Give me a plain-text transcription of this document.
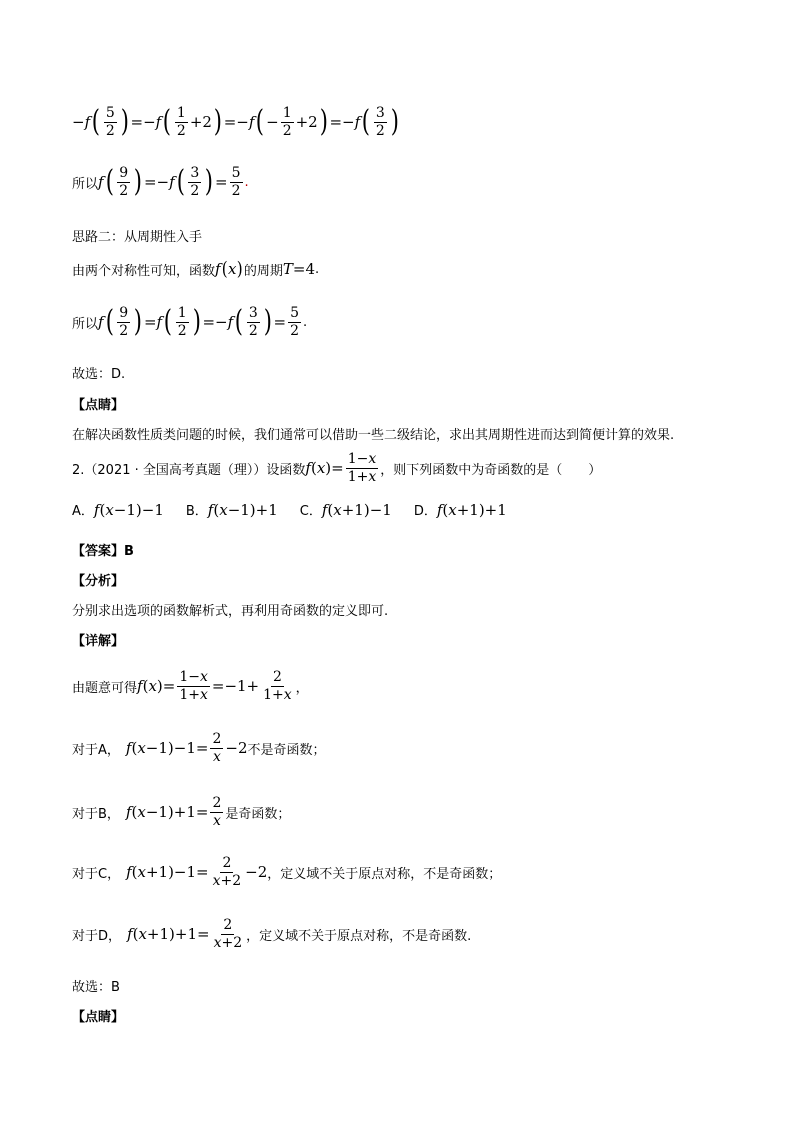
−f ( $\frac{5}{2}$ ) =−f ( $\frac{1}{2} +2$ ) =−f ( − $\frac{1}{2} +2$ ) =−f ( $\frac{3}{2}$ )
所以 f ( $\frac{9}{2}$ ) =−f ( $\frac{3}{2}$ ) = $\frac{5}{2}$ .
思路二：从周期性入手
由两个对称性可知，函数 f ( x ) 的周期 T=4 .
所以 f ( $\frac{9}{2}$ ) =f ( $\frac{1}{2}$ ) =−f ( $\frac{3}{2}$ ) = $\frac{5}{2}$ .
故选：D.
【点睛】
在解决函数性质类问题的时候，我们通常可以借助一些二级结论，求出其周期性进而达到简便计算的效果.
2.（2021 · 全国高考真题（理））设函数 $f(x)= \frac{1-x}{1+x}$ ，则下列函数中为奇函数的是（　　）
A． f(x−1)−1 B． f(x−1)+1 C． f(x+1)−1 D． f(x+1)+1
【答案】B
【分析】
分别求出选项的函数解析式，再利用奇函数的定义即可.
【详解】
由题意可得 $f(x)= \frac{1-x}{1+x} =-1+ \frac{2}{1+x}$ ，
对于A， $f(x-1)-1= \frac{2}{x} -2$ 不是奇函数；
对于B， $f(x-1)+1= \frac{2}{x}$ 是奇函数；
对于C， $f(x+1)-1= \frac{2}{x+2} -2$ ，定义域不关于原点对称，不是奇函数；
对于D， $f(x+1)+1= \frac{2}{x+2}$ ，定义域不关于原点对称，不是奇函数.
故选：B
【点睛】
